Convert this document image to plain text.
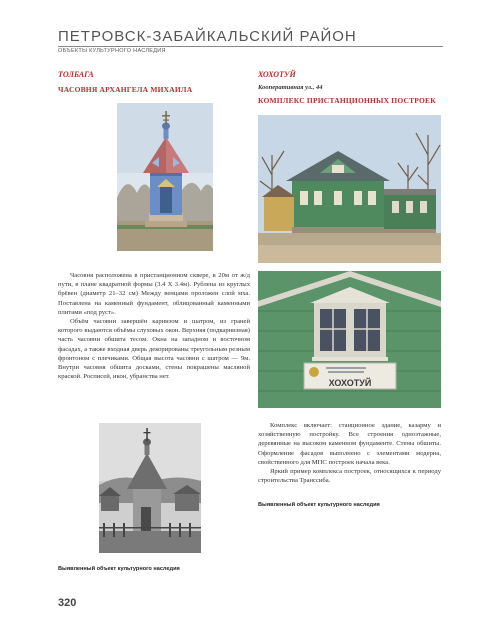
ПЕТРОВСК-ЗАБАЙКАЛЬСКИЙ РАЙОН
ОБЪЕКТЫ КУЛЬТУРНОГО НАСЛЕДИЯ
ТОЛБАГА
ЧАСОВНЯ АРХАНГЕЛА МИХАИЛА

Часовня расположена в пристанционном сквере, в 20м от ж/д пути, в плане квадратной формы (3.4 Х 3.4м). Рублена из круглых брёвен (диаметр 21–32 см) Между венцами проложен слой мха. Поставлена на каменный фундамент, облицованный каменными плитами «под руст».

Объём часовни завершён карнизом и шатром, из граней которого выдаются объёмы слуховых окон. Верхняя (подкарнизная) часть часовни обшита тесом. Окна на западном и восточном фасадах, а также входная дверь декорированы треугольным резным фронтоном с плечиками. Общая высота часовни с шатром — 9м. Внутри часовня обшита досками, стены покрашены масляной краской. Росписей, икон, убранства нет.

Выявленный объект культурного наследия
ХОХОТУЙ
Кооперативная ул., 44
КОМПЛЕКС ПРИСТАНЦИОННЫХ ПОСТРОЕК
ХОХОТУЙ

Комплекс включает: станционное здание, казарму и хозяйственную постройку. Все строения одноэтажные, деревянные на высоком каменном фундаменте. Стены обшиты. Оформление фасадов выполнено с элементами модерна, свойственного для МПС построек начала века.

Яркий пример комплекса построек, относящихся к периоду строительства Транссиба.

Выявленный объект культурного наследия
320
